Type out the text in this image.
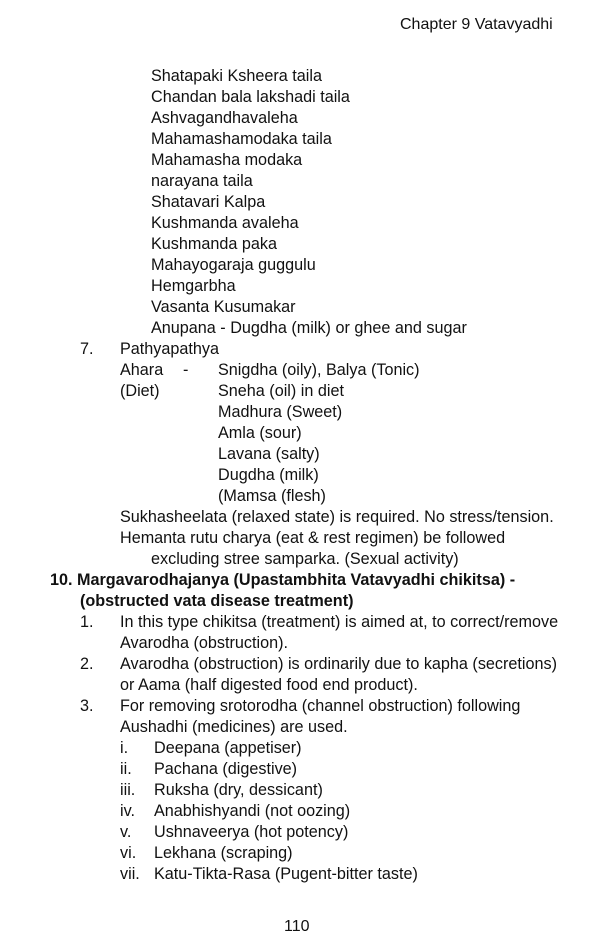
Chapter 9 Vatavyadhi
Shatapaki Ksheera taila
Chandan bala lakshadi taila
Ashvagandhavaleha
Mahamashamodaka taila
Mahamasha modaka
narayana taila
Shatavari Kalpa
Kushmanda avaleha
Kushmanda paka
Mahayogaraja guggulu
Hemgarbha
Vasanta Kusumakar
Anupana - Dugdha (milk) or ghee and sugar
7. Pathyapathya
Ahara -
(Diet)
Snigdha (oily), Balya (Tonic)
Sneha (oil) in diet
Madhura (Sweet)
Amla (sour)
Lavana (salty)
Dugdha (milk)
(Mamsa (flesh)
Sukhasheelata (relaxed state) is required. No stress/tension.
Hemanta rutu charya (eat & rest regimen) be followed
excluding stree samparka. (Sexual activity)
10. Margavarodhajanya (Upastambhita Vatavyadhi chikitsa) -
(obstructed vata disease treatment)
1. In this type chikitsa (treatment) is aimed at, to correct/remove
Avarodha (obstruction).
2. Avarodha (obstruction) is ordinarily due to kapha (secretions)
or Aama (half digested food end product).
3. For removing srotorodha (channel obstruction) following
Aushadhi (medicines) are used.
i. Deepana (appetiser)
ii. Pachana (digestive)
iii. Ruksha (dry, dessicant)
iv. Anabhishyandi (not oozing)
v. Ushnaveerya (hot potency)
vi. Lekhana (scraping)
vii. Katu-Tikta-Rasa (Pugent-bitter taste)
110
